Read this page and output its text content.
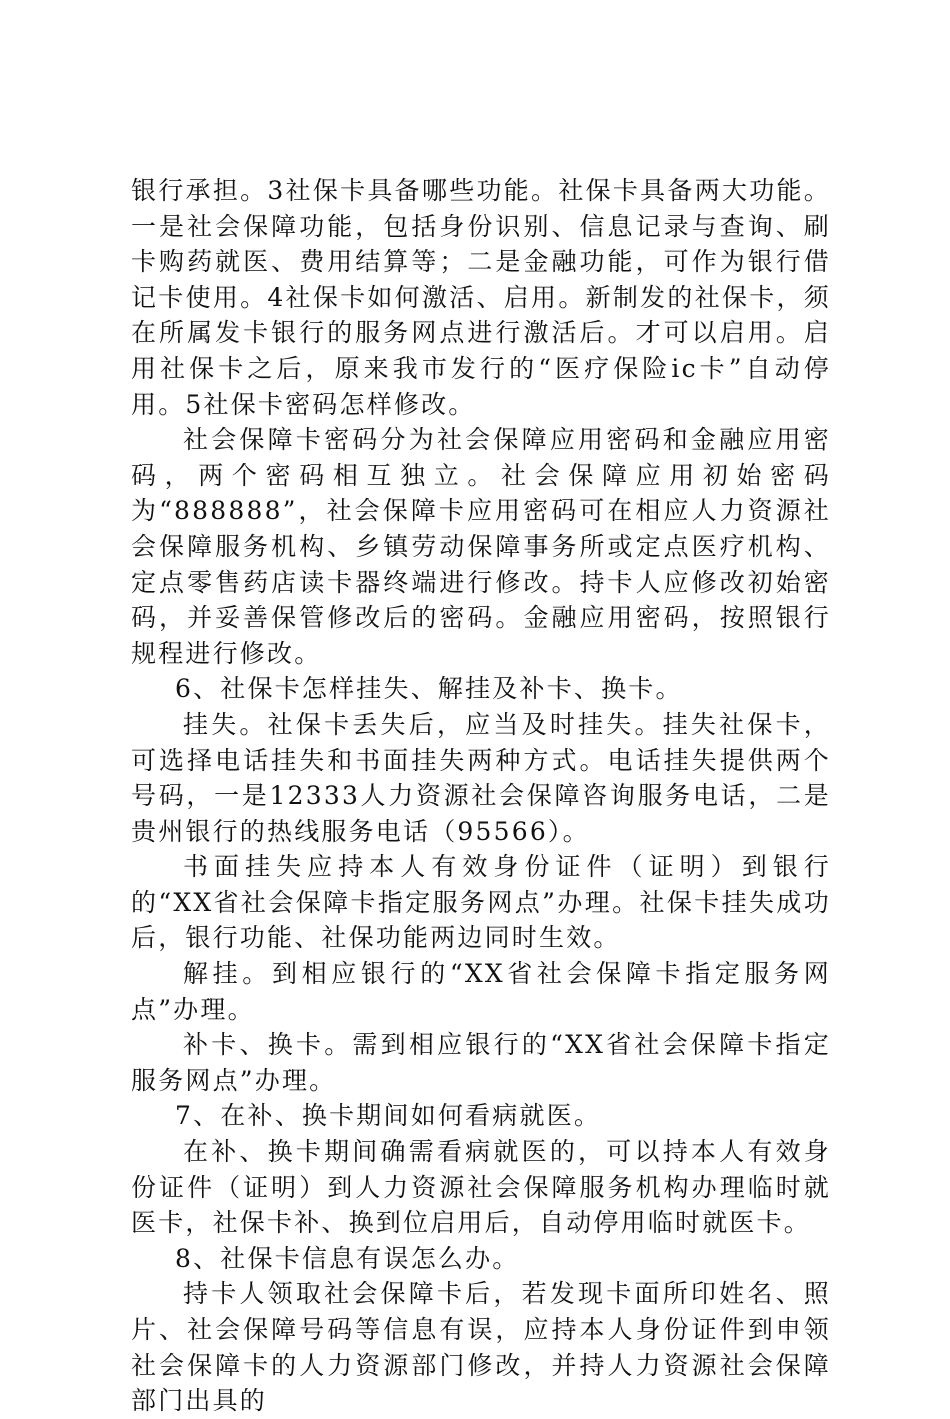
银行承担。3社保卡具备哪些功能。社保卡具备两大功能。一是社会保障功能，包括身份识别、信息记录与查询、刷卡购药就医、费用结算等；二是金融功能，可作为银行借记卡使用。4社保卡如何激活、启用。新制发的社保卡，须在所属发卡银行的服务网点进行激活后。才可以启用。启用社保卡之后，原来我市发行的“医疗保险ic卡”自动停用。5社保卡密码怎样修改。

社会保障卡密码分为社会保障应用密码和金融应用密码，两个密码相互独立。社会保障应用初始密码为“888888”，社会保障卡应用密码可在相应人力资源社会保障服务机构、乡镇劳动保障事务所或定点医疗机构、定点零售药店读卡器终端进行修改。持卡人应修改初始密码，并妥善保管修改后的密码。金融应用密码，按照银行规程进行修改。

6、社保卡怎样挂失、解挂及补卡、换卡。

挂失。社保卡丢失后，应当及时挂失。挂失社保卡，可选择电话挂失和书面挂失两种方式。电话挂失提供两个号码，一是12333人力资源社会保障咨询服务电话，二是贵州银行的热线服务电话（95566）。

书面挂失应持本人有效身份证件（证明）到银行的“XX省社会保障卡指定服务网点”办理。社保卡挂失成功后，银行功能、社保功能两边同时生效。

解挂。到相应银行的“XX省社会保障卡指定服务网点”办理。

补卡、换卡。需到相应银行的“XX省社会保障卡指定服务网点”办理。

7、在补、换卡期间如何看病就医。

在补、换卡期间确需看病就医的，可以持本人有效身份证件（证明）到人力资源社会保障服务机构办理临时就医卡，社保卡补、换到位启用后，自动停用临时就医卡。

8、社保卡信息有误怎么办。

持卡人领取社会保障卡后，若发现卡面所印姓名、照片、社会保障号码等信息有误，应持本人身份证件到申领社会保障卡的人力资源部门修改，并持人力资源社会保障部门出具的
